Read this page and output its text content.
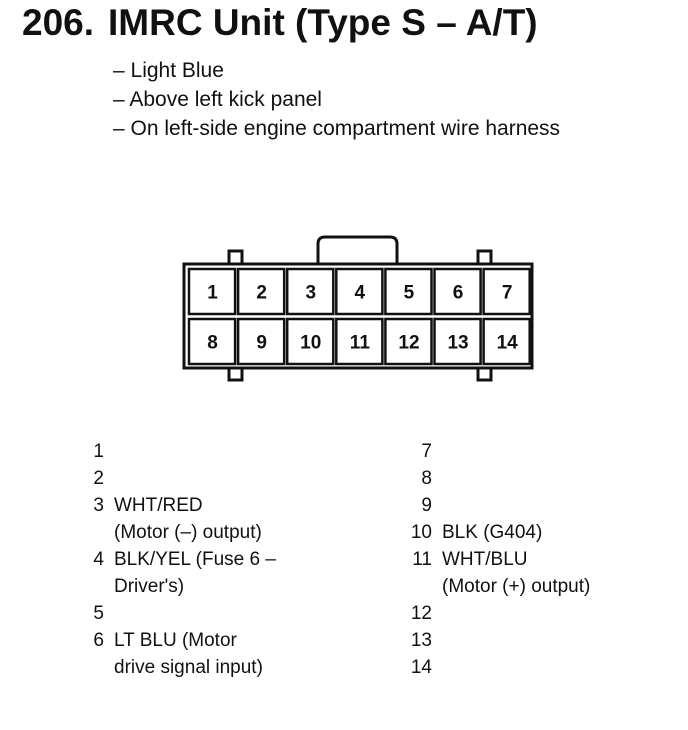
206. IMRC Unit (Type S – A/T)
– Light Blue
– Above left kick panel
– On left-side engine compartment wire harness
1 2 3 4 5 6 7
8 9 10 11 12 13 14
1
2
3 WHT/RED
(Motor (–) output)
4 BLK/YEL (Fuse 6 –
Driver's)
5
6 LT BLU (Motor
drive signal input)
7
8
9
10 BLK (G404)
11 WHT/BLU
(Motor (+) output)
12
13
14
